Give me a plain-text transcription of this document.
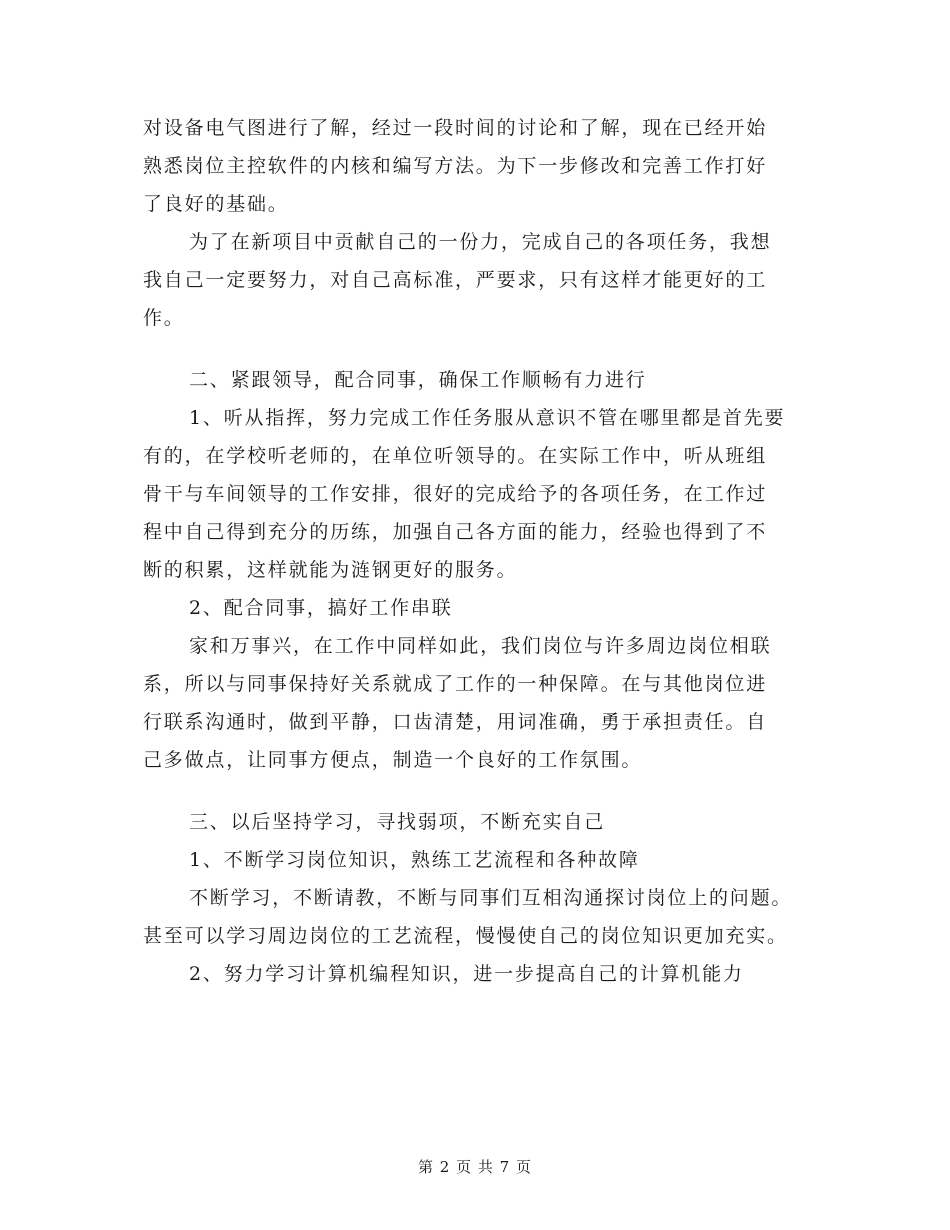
对设备电气图进行了解，经过一段时间的讨论和了解，现在已经开始
熟悉岗位主控软件的内核和编写方法。为下一步修改和完善工作打好
了良好的基础。
为了在新项目中贡献自己的一份力，完成自己的各项任务，我想
我自己一定要努力，对自己高标准，严要求，只有这样才能更好的工
作。
二、紧跟领导，配合同事，确保工作顺畅有力进行
1、听从指挥，努力完成工作任务服从意识不管在哪里都是首先要
有的，在学校听老师的，在单位听领导的。在实际工作中，听从班组
骨干与车间领导的工作安排，很好的完成给予的各项任务，在工作过
程中自己得到充分的历练，加强自己各方面的能力，经验也得到了不
断的积累，这样就能为涟钢更好的服务。
2、配合同事，搞好工作串联
家和万事兴，在工作中同样如此，我们岗位与许多周边岗位相联
系，所以与同事保持好关系就成了工作的一种保障。在与其他岗位进
行联系沟通时，做到平静，口齿清楚，用词准确，勇于承担责任。自
己多做点，让同事方便点，制造一个良好的工作氛围。
三、以后坚持学习，寻找弱项，不断充实自己
1、不断学习岗位知识，熟练工艺流程和各种故障
不断学习，不断请教，不断与同事们互相沟通探讨岗位上的问题。
甚至可以学习周边岗位的工艺流程，慢慢使自己的岗位知识更加充实。
2、努力学习计算机编程知识，进一步提高自己的计算机能力
第 2 页 共 7 页
